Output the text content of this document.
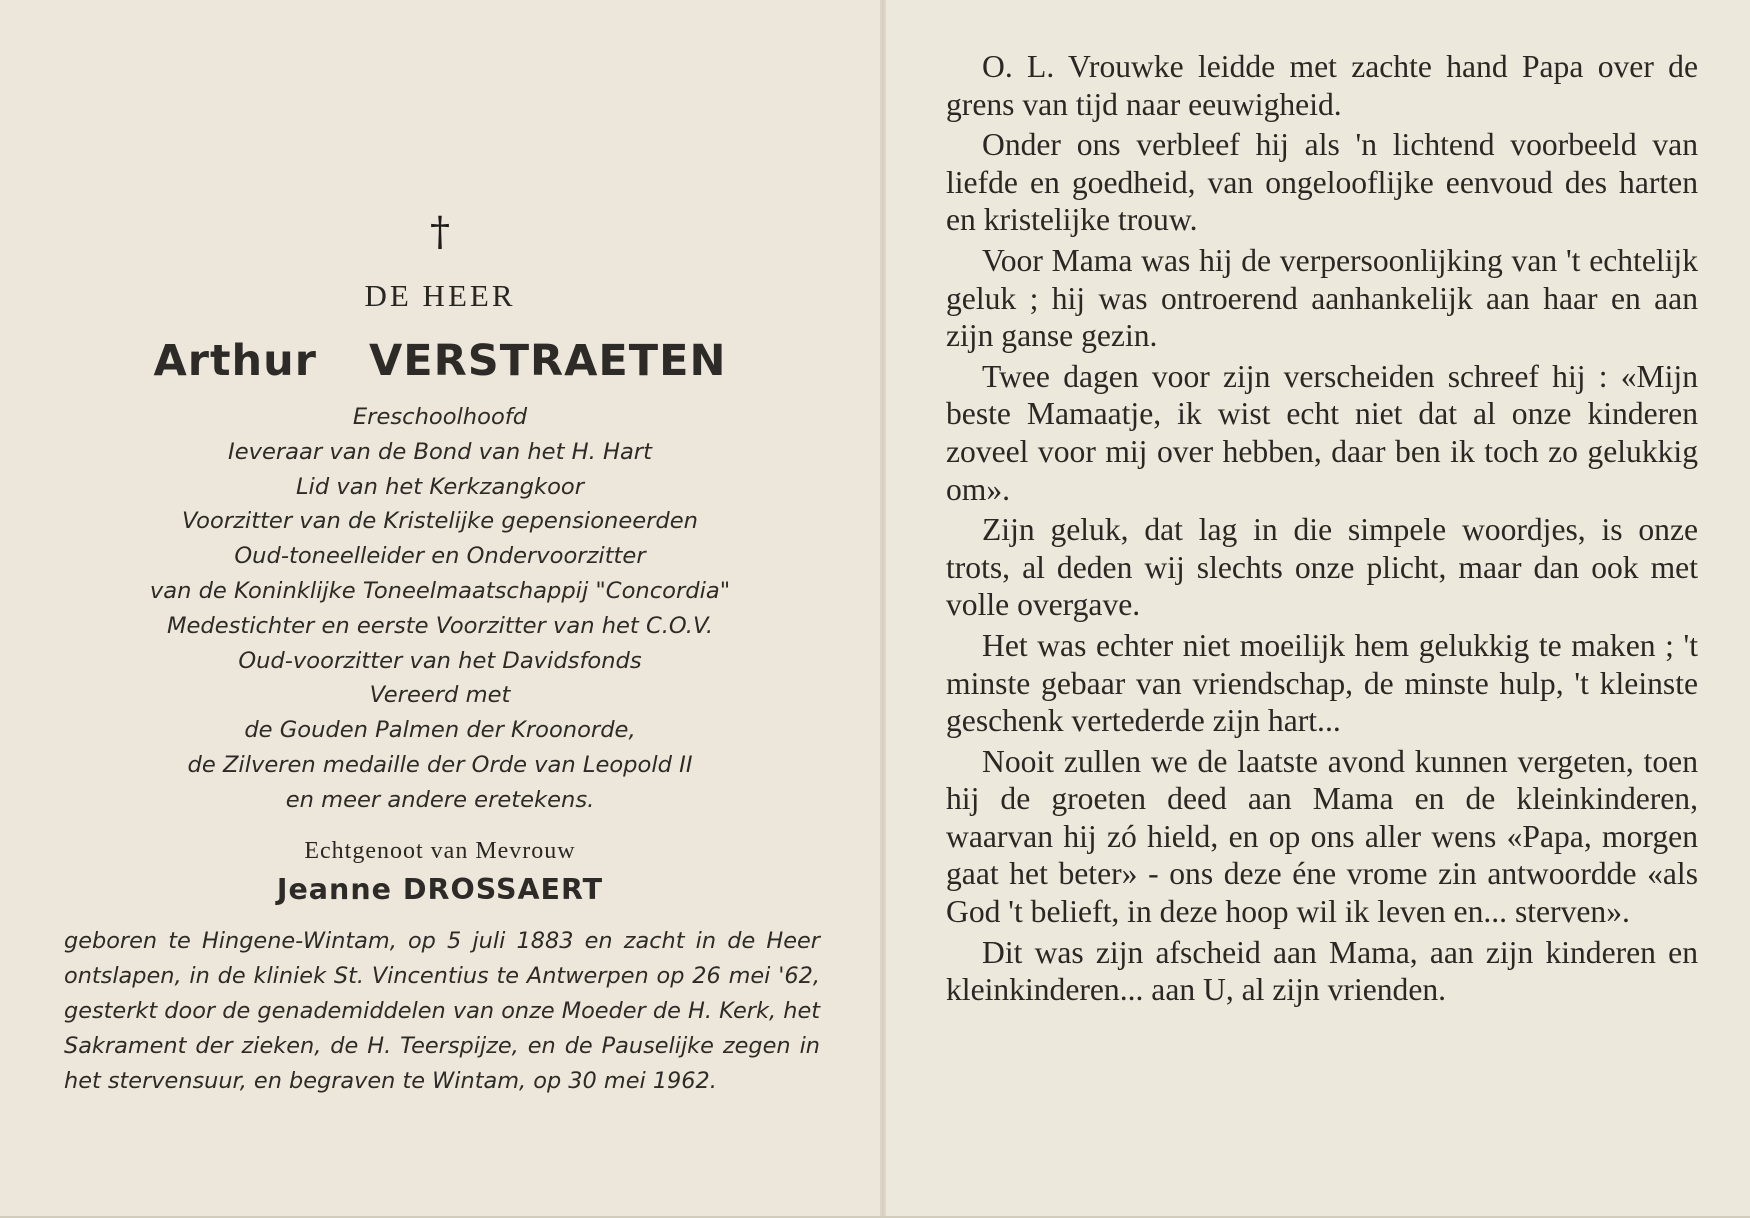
†
DE HEER
Arthur VERSTRAETEN
Ereschoolhoofd
Ieveraar van de Bond van het H. Hart
Lid van het Kerkzangkoor
Voorzitter van de Kristelijke gepensioneerden
Oud-toneelleider en Ondervoorzitter
van de Koninklijke Toneelmaatschappij "Concordia"
Medestichter en eerste Voorzitter van het C.O.V.
Oud-voorzitter van het Davidsfonds
Vereerd met
de Gouden Palmen der Kroonorde,
de Zilveren medaille der Orde van Leopold II
en meer andere eretekens.
Echtgenoot van Mevrouw
Jeanne DROSSAERT

geboren te Hingene-Wintam, op 5 juli 1883 en zacht in de Heer ontslapen, in de kliniek St. Vincentius te Antwerpen op 26 mei '62, gesterkt door de genademiddelen van onze Moeder de H. Kerk, het Sakrament der zieken, de H. Teerspijze, en de Pauselijke zegen in het stervensuur, en begraven te Wintam, op 30 mei 1962.

O. L. Vrouwke leidde met zachte hand Papa over de grens van tijd naar eeuwigheid.

Onder ons verbleef hij als 'n lichtend voorbeeld van liefde en goedheid, van ongelooflijke eenvoud des harten en kristelijke trouw.

Voor Mama was hij de verpersoonlijking van 't echtelijk geluk ; hij was ontroerend aanhankelijk aan haar en aan zijn ganse gezin.

Twee dagen voor zijn verscheiden schreef hij : «Mijn beste Mamaatje, ik wist echt niet dat al onze kinderen zoveel voor mij over hebben, daar ben ik toch zo gelukkig om».

Zijn geluk, dat lag in die simpele woordjes, is onze trots, al deden wij slechts onze plicht, maar dan ook met volle overgave.

Het was echter niet moeilijk hem gelukkig te maken ; 't minste gebaar van vriendschap, de minste hulp, 't kleinste geschenk vertederde zijn hart...

Nooit zullen we de laatste avond kunnen vergeten, toen hij de groeten deed aan Mama en de kleinkinderen, waarvan hij zó hield, en op ons aller wens «Papa, morgen gaat het beter» - ons deze éne vrome zin antwoordde «als God 't belieft, in deze hoop wil ik leven en... sterven».

Dit was zijn afscheid aan Mama, aan zijn kinderen en kleinkinderen... aan U, al zijn vrienden.
